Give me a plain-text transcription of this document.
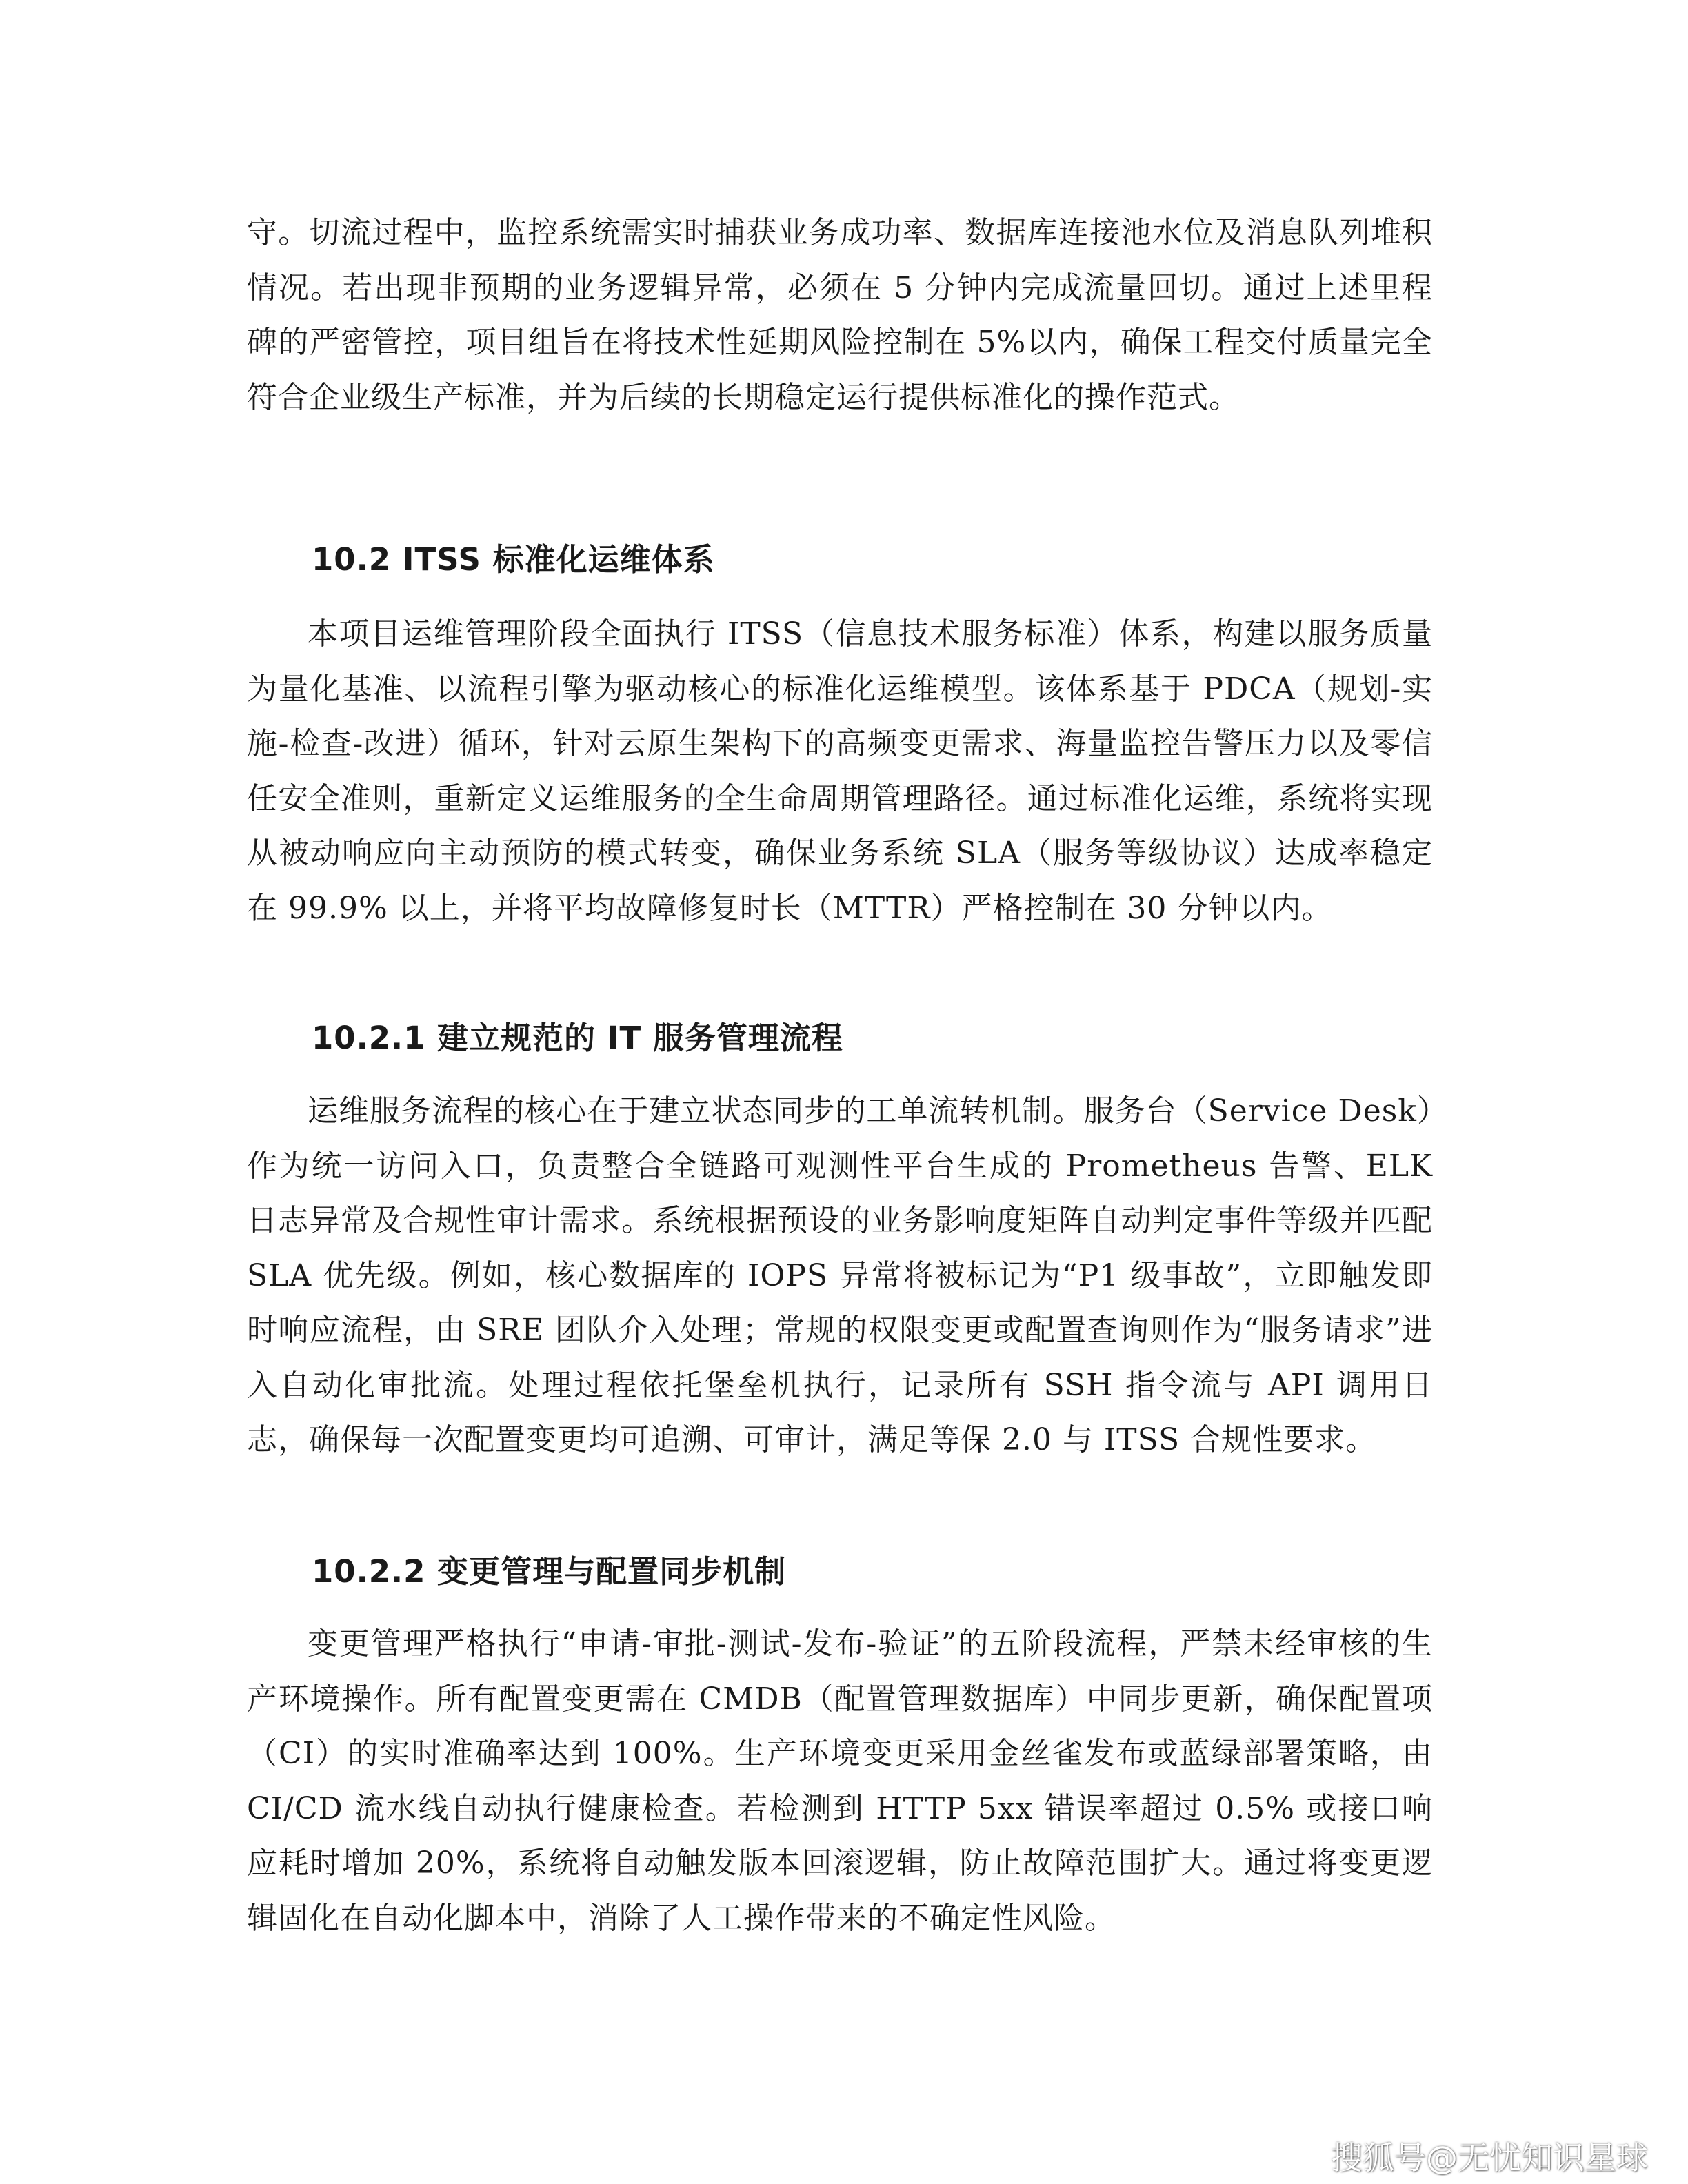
守。切流过程中，监控系统需实时捕获业务成功率、数据库连接池水位及消息队列堆积情况。若出现非预期的业务逻辑异常，必须在 5 分钟内完成流量回切。通过上述里程碑的严密管控，项目组旨在将技术性延期风险控制在 5%以内，确保工程交付质量完全符合企业级生产标准，并为后续的长期稳定运行提供标准化的操作范式。

10.2 ITSS 标准化运维体系

本项目运维管理阶段全面执行 ITSS（信息技术服务标准）体系，构建以服务质量为量化基准、以流程引擎为驱动核心的标准化运维模型。该体系基于 PDCA（规划-实施-检查-改进）循环，针对云原生架构下的高频变更需求、海量监控告警压力以及零信任安全准则，重新定义运维服务的全生命周期管理路径。通过标准化运维，系统将实现从被动响应向主动预防的模式转变，确保业务系统 SLA（服务等级协议）达成率稳定在 99.9% 以上，并将平均故障修复时长（MTTR）严格控制在 30 分钟以内。

10.2.1 建立规范的 IT 服务管理流程

运维服务流程的核心在于建立状态同步的工单流转机制。服务台（Service Desk）作为统一访问入口，负责整合全链路可观测性平台生成的 Prometheus 告警、ELK 日志异常及合规性审计需求。系统根据预设的业务影响度矩阵自动判定事件等级并匹配 SLA 优先级。例如，核心数据库的 IOPS 异常将被标记为“P1 级事故”，立即触发即时响应流程，由 SRE 团队介入处理；常规的权限变更或配置查询则作为“服务请求”进入自动化审批流。处理过程依托堡垒机执行，记录所有 SSH 指令流与 API 调用日志，确保每一次配置变更均可追溯、可审计，满足等保 2.0 与 ITSS 合规性要求。

10.2.2 变更管理与配置同步机制

变更管理严格执行“申请-审批-测试-发布-验证”的五阶段流程，严禁未经审核的生产环境操作。所有配置变更需在 CMDB（配置管理数据库）中同步更新，确保配置项（CI）的实时准确率达到 100%。生产环境变更采用金丝雀发布或蓝绿部署策略，由 CI/CD 流水线自动执行健康检查。若检测到 HTTP 5xx 错误率超过 0.5% 或接口响应耗时增加 20%，系统将自动触发版本回滚逻辑，防止故障范围扩大。通过将变更逻辑固化在自动化脚本中，消除了人工操作带来的不确定性风险。

搜狐号@无忧知识星球
